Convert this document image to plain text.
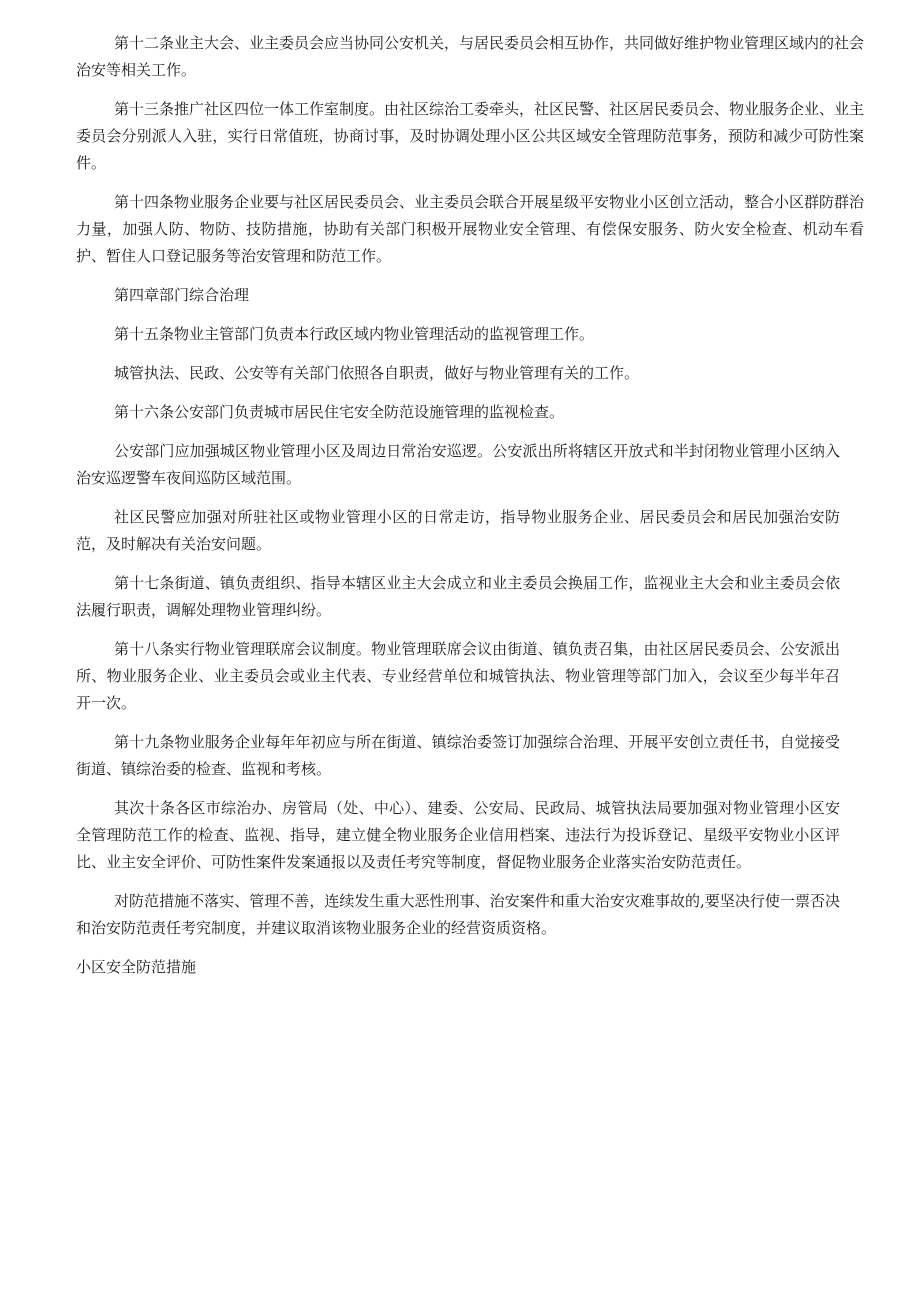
第十二条业主大会、业主委员会应当协同公安机关，与居民委员会相互协作，共同做好维护物业管理区域内的社会治安等相关工作。

第十三条推广社区四位一体工作室制度。由社区综治工委牵头，社区民警、社区居民委员会、物业服务企业、业主委员会分别派人入驻，实行日常值班，协商讨事，及时协调处理小区公共区域安全管理防范事务，预防和减少可防性案件。

第十四条物业服务企业要与社区居民委员会、业主委员会联合开展星级平安物业小区创立活动，整合小区群防群治力量，加强人防、物防、技防措施，协助有关部门积极开展物业安全管理、有偿保安服务、防火安全检查、机动车看护、暂住人口登记服务等治安管理和防范工作。

第四章部门综合治理

第十五条物业主管部门负责本行政区域内物业管理活动的监视管理工作。

城管执法、民政、公安等有关部门依照各自职责，做好与物业管理有关的工作。

第十六条公安部门负责城市居民住宅安全防范设施管理的监视检查。

公安部门应加强城区物业管理小区及周边日常治安巡逻。公安派出所将辖区开放式和半封闭物业管理小区纳入治安巡逻警车夜间巡防区域范围。

社区民警应加强对所驻社区或物业管理小区的日常走访，指导物业服务企业、居民委员会和居民加强治安防范，及时解决有关治安问题。

第十七条街道、镇负责组织、指导本辖区业主大会成立和业主委员会换届工作，监视业主大会和业主委员会依法履行职责，调解处理物业管理纠纷。

第十八条实行物业管理联席会议制度。物业管理联席会议由街道、镇负责召集，由社区居民委员会、公安派出所、物业服务企业、业主委员会或业主代表、专业经营单位和城管执法、物业管理等部门加入，会议至少每半年召开一次。

第十九条物业服务企业每年年初应与所在街道、镇综治委签订加强综合治理、开展平安创立责任书，自觉接受街道、镇综治委的检查、监视和考核。

其次十条各区市综治办、房管局（处、中心）、建委、公安局、民政局、城管执法局要加强对物业管理小区安全管理防范工作的检查、监视、指导，建立健全物业服务企业信用档案、违法行为投诉登记、星级平安物业小区评比、业主安全评价、可防性案件发案通报以及责任考究等制度，督促物业服务企业落实治安防范责任。

对防范措施不落实、管理不善，连续发生重大恶性刑事、治安案件和重大治安灾难事故的,要坚决行使一票否决和治安防范责任考究制度，并建议取消该物业服务企业的经营资质资格。

小区安全防范措施
